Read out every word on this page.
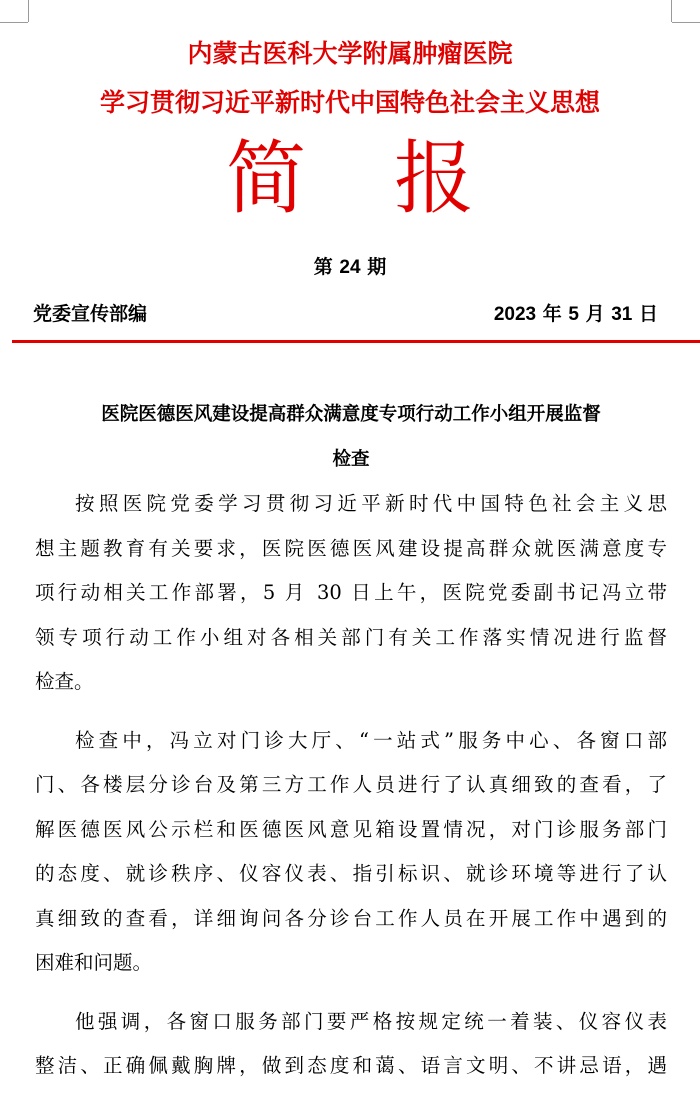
内蒙古医科大学附属肿瘤医院
学习贯彻习近平新时代中国特色社会主义思想
简 报
第 24 期
党委宣传部编	2023 年 5 月 31 日
医院医德医风建设提高群众满意度专项行动工作小组开展监督
检查
按照医院党委学习贯彻习近平新时代中国特色社会主义思
想主题教育有关要求，医院医德医风建设提高群众就医满意度专
项行动相关工作部署，5 月 30 日上午，医院党委副书记冯立带
领专项行动工作小组对各相关部门有关工作落实情况进行监督
检查。
检查中，冯立对门诊大厅、“一站式”服务中心、各窗口部
门、各楼层分诊台及第三方工作人员进行了认真细致的查看，了
解医德医风公示栏和医德医风意见箱设置情况，对门诊服务部门
的态度、就诊秩序、仪容仪表、指引标识、就诊环境等进行了认
真细致的查看，详细询问各分诊台工作人员在开展工作中遇到的
困难和问题。
他强调，各窗口服务部门要严格按规定统一着装、仪容仪表
整洁、正确佩戴胸牌，做到态度和蔼、语言文明、不讲忌语，遇
